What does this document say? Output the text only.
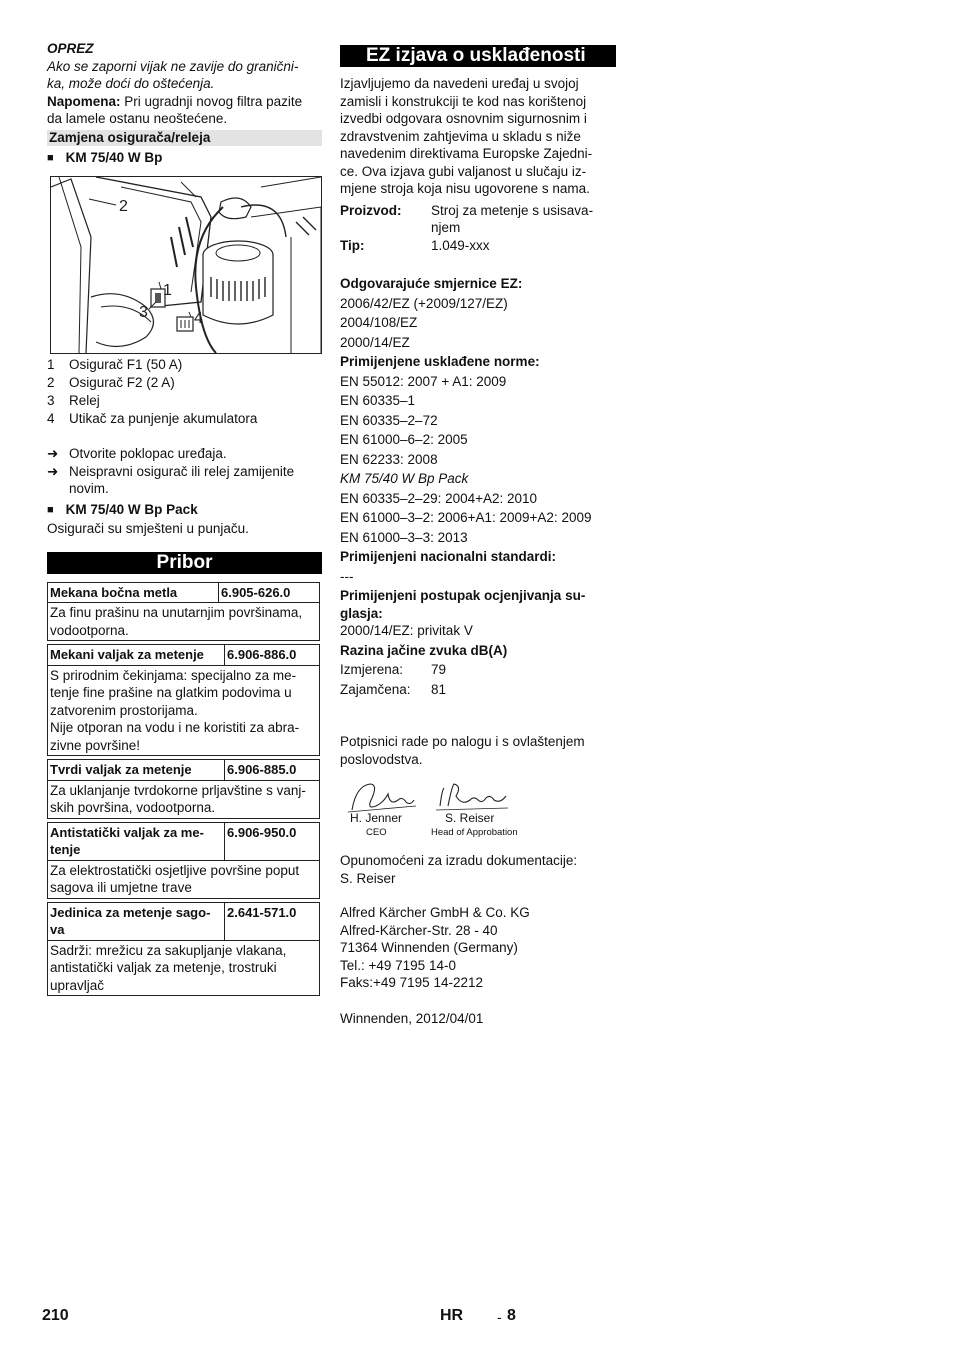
OPREZ

Ako se zaporni vijak ne zavije do granični-

ka, može doći do oštećenja.

Napomena: Pri ugradnji novog filtra pazite

da lamele ostanu neoštećene.

Zamjena osigurača/releja

■ KM 75/40 W Bp

2
1
3	4
1	Osigurač F1 (50 A)
2	Osigurač F2 (2 A)
3	Relej
4	Utikač za punjenje akumulatora
➜ Otvorite poklopac uređaja.
➜ Neispravni osigurač ili relej zamijenite
novim.

■ KM 75/40 W Bp Pack

Osigurači su smješteni u punjaču.

Pribor
Mekana bočna metla	6.905-626.0
Za finu prašinu na unutarnjim površinama,
vodootporna.
Mekani valjak za metenje	6.906-886.0
S prirodnim čekinjama: specijalno za me-
tenje fine prašine na glatkim podovima u
zatvorenim prostorijama.
Nije otporan na vodu i ne koristiti za abra-
zivne površine!
Tvrdi valjak za metenje	6.906-885.0
Za uklanjanje tvrdokorne prljavštine s vanj-
skih površina, vodootporna.
Antistatički valjak za me-
tenje	6.906-950.0
Za elektrostatički osjetljive površine poput
sagova ili umjetne trave
Jedinica za metenje sago-
va	2.641-571.0
Sadrži: mrežicu za sakupljanje vlakana,
antistatički valjak za metenje, trostruki
upravljač
EZ izjava o usklađenosti

Izjavljujemo da navedeni uređaj u svojoj

zamisli i konstrukciji te kod nas korištenoj

izvedbi odgovara osnovnim sigurnosnim i

zdravstvenim zahtjevima u skladu s niže

navedenim direktivama Europske Zajedni-

ce. Ova izjava gubi valjanost u slučaju iz-

mjene stroja koja nisu ugovorene s nama.

Proizvod:	Stroj za metenje s usisava-
njem
Tip:	1.049-xxx

Odgovarajuće smjernice EZ:

2006/42/EZ (+2009/127/EZ)

2004/108/EZ

2000/14/EZ

Primijenjene usklađene norme:

EN 55012: 2007 + A1: 2009

EN 60335–1

EN 60335–2–72

EN 61000–6–2: 2005

EN 62233: 2008

KM 75/40 W Bp Pack

EN 60335–2–29: 2004+A2: 2010

EN 61000–3–2: 2006+A1: 2009+A2: 2009

EN 61000–3–3: 2013

Primijenjeni nacionalni standardi:

---

Primijenjeni postupak ocjenjivanja su-
glasja:

2000/14/EZ: privitak V

Razina jačine zvuka dB(A)

Izmjerena:	79
Zajamčena:	81

Potpisnici rade po nalogu i s ovlaštenjem

poslovodstva.

H. Jenner
CEO
S. Reiser
Head of Approbation

Opunomoćeni za izradu dokumentacije:

S. Reiser

Alfred Kärcher GmbH & Co. KG

Alfred-Kärcher-Str. 28 - 40

71364 Winnenden (Germany)

Tel.: +49 7195 14-0

Faks:+49 7195 14-2212

Winnenden, 2012/04/01

210	HR - 8
